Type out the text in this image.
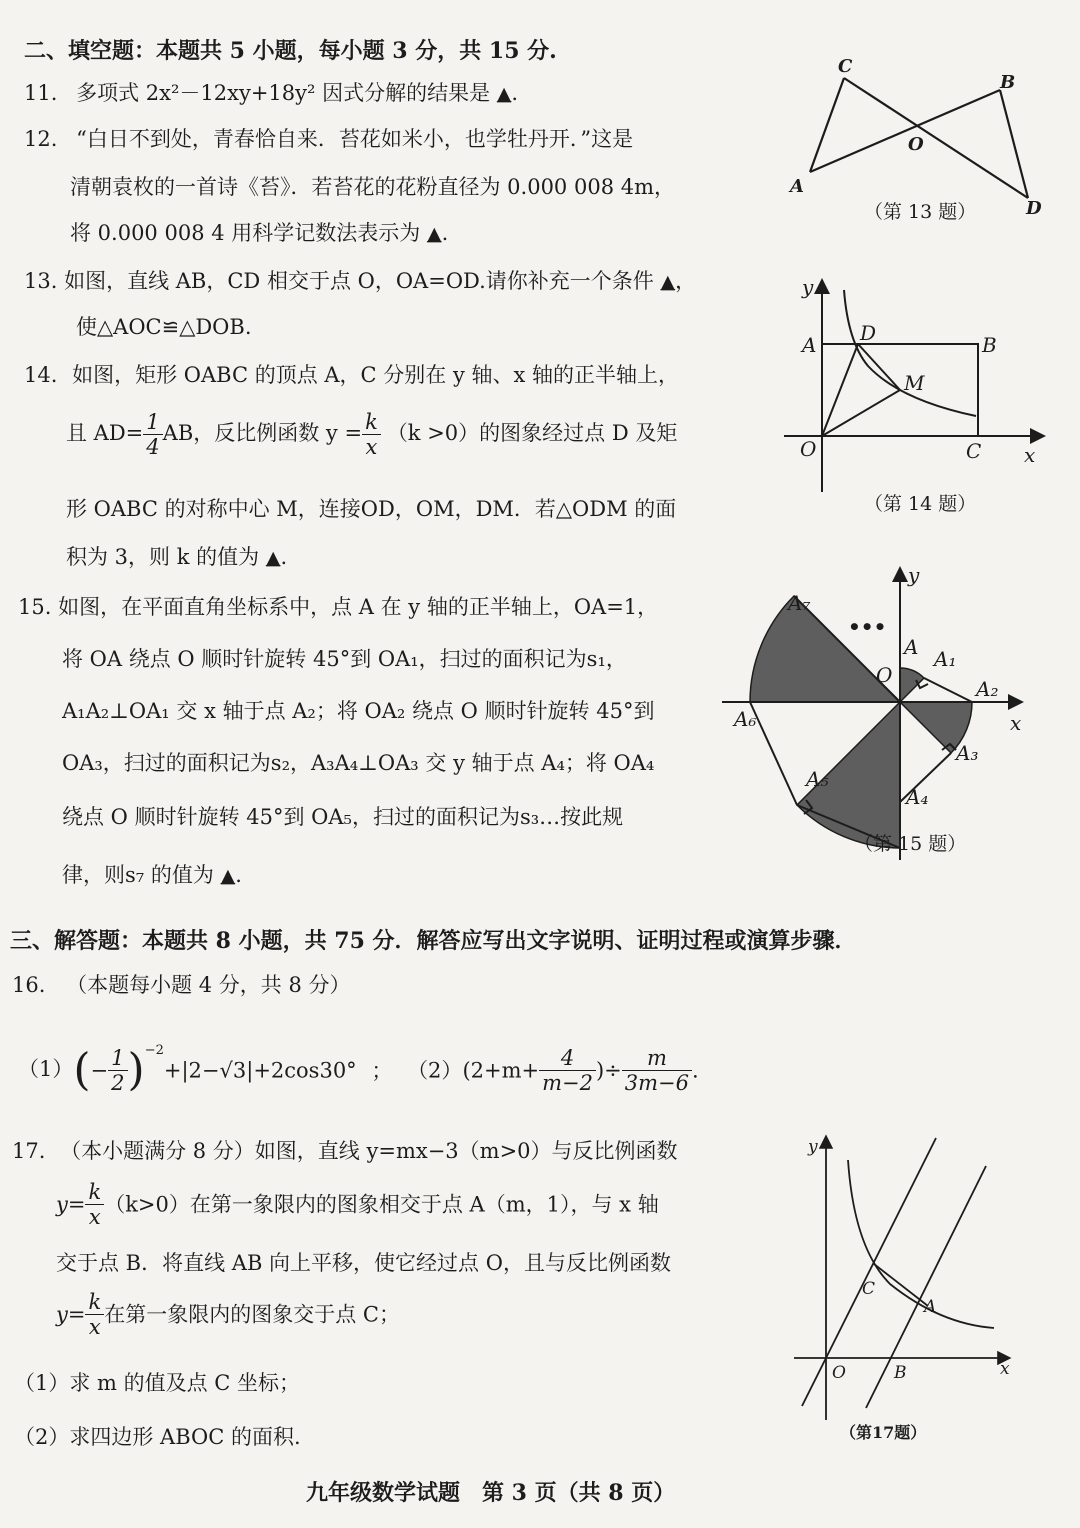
二、填空题：本题共 5 小题，每小题 3 分，共 15 分.
11. 多项式 2x²－12xy+18y² 因式分解的结果是 ▲.
12. “白日不到处，青春恰自来．苔花如米小，也学牡丹开．”这是
清朝袁枚的一首诗《苔》．若苔花的花粉直径为 0.000 008 4m，
将 0.000 008 4 用科学记数法表示为 ▲.
13. 如图，直线 AB，CD 相交于点 O，OA=OD.请你补充一个条件 ▲，
使△AOC≌△DOB.
14. 如图，矩形 OABC 的顶点 A，C 分别在 y 轴、x 轴的正半轴上，
且 $AD= \frac{1}{4}$ AB，反比例函数 $y = \frac{k}{x} (k >0)$的图象经过点 D 及矩
形 OABC 的对称中心 M，连接OD，OM，DM．若△ODM 的面
积为 3，则 k 的值为 ▲.
15. 如图，在平面直角坐标系中，点 A 在 y 轴的正半轴上，OA=1，
将 OA 绕点 O 顺时针旋转 45°到 OA₁，扫过的面积记为s₁，
A₁A₂⊥OA₁ 交 x 轴于点 A₂；将 OA₂ 绕点 O 顺时针旋转 45°到
OA₃，扫过的面积记为s₂，A₃A₄⊥OA₃ 交 y 轴于点 A₄；将 OA₄
绕点 O 顺时针旋转 45°到 OA₅，扫过的面积记为s₃…按此规
律，则s₇ 的值为 ▲.
三、解答题：本题共 8 小题，共 75 分．解答应写出文字说明、证明过程或演算步骤．
16. （本题每小题 4 分，共 8 分）
$(1)(- \frac{1}{2} )^{-2}+|2-√3|+2\cos 30^\circ$ ； $(2)(2+m+ \frac{4}{m-2}$ )÷ $\frac{m}{3m-6}$ .
17. （本小题满分 8 分）如图，直线 y=mx−3（m>0）与反比例函数
$y= \frac{k}{x} (k>0)$在第一象限内的图象相交于点 A（m，1），与 x 轴
交于点 B．将直线 AB 向上平移，使它经过点 O，且与反比例函数
$y= \frac{k}{x}$ 在第一象限内的图象交于点 C；
（1）求 m 的值及点 C 坐标；
（2）求四边形 ABOC 的面积.
九年级数学试题　第 3 页（共 8 页）
C
B
O
A
D
（第 13 题）
y
A D	B
M
O	C x
（第 14 题）
y
A₇
•••
A A₁
O
A₂
x
A₆
A₃
A₅
A₄
（第 15 题）
y
C
A
O	B	x
（第17题）
